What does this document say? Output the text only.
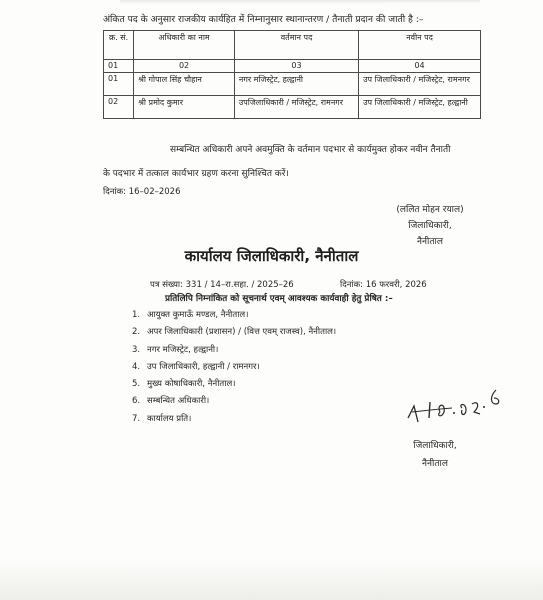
अंकित पद के अनुसार राजकीय कार्यहित में निम्नानुसार स्थानान्तरण / तैनाती प्रदान की जाती है :–
क्र. सं.	अधिकारी का नाम	वर्तमान पद	नवीन पद
01	02	03	04
01	श्री गोपाल सिंह चौहान	नगर मजिस्ट्रेट, हल्द्वानी	उप जिलाधिकारी / मजिस्ट्रेट, रामनगर
02	श्री प्रमोद कुमार	उपजिलाधिकारी / मजिस्ट्रेट, रामनगर	उप जिलाधिकारी / मजिस्ट्रेट, हल्द्वानी
सम्बन्धित अधिकारी अपने अवमुक्ति के वर्तमान पदभार से कार्यमुक्त होकर नवीन तैनाती
के पदभार में तत्काल कार्यभार ग्रहण करना सुनिश्चित करें।
दिनांक: 16–02–2026
(ललित मोहन रयाल)
जिलाधिकारी,
नैनीताल
कार्यालय जिलाधिकारी, नैनीताल
पत्र संख्या: 331 / 14–रा.सहा. / 2025–26	दिनांक: 16 फरवरी, 2026
प्रतिलिपि निम्नांकित को सूचनार्थ एवम् आवश्यक कार्यवाही हेतु प्रेषित :–
1. आयुक्त कुमाऊँ मण्डल, नैनीताल।
2. अपर जिलाधिकारी (प्रशासन) / (वित्त एवम् राजस्व), नैनीताल।
3. नगर मजिस्ट्रेट, हल्द्वानी।
4. उप जिलाधिकारी, हल्द्वानी / रामनगर।
5. मुख्य कोषाधिकारी, नैनीताल।
6. सम्बन्धित अधिकारी।
7. कार्यालय प्रति।
जिलाधिकारी,
नैनीताल
